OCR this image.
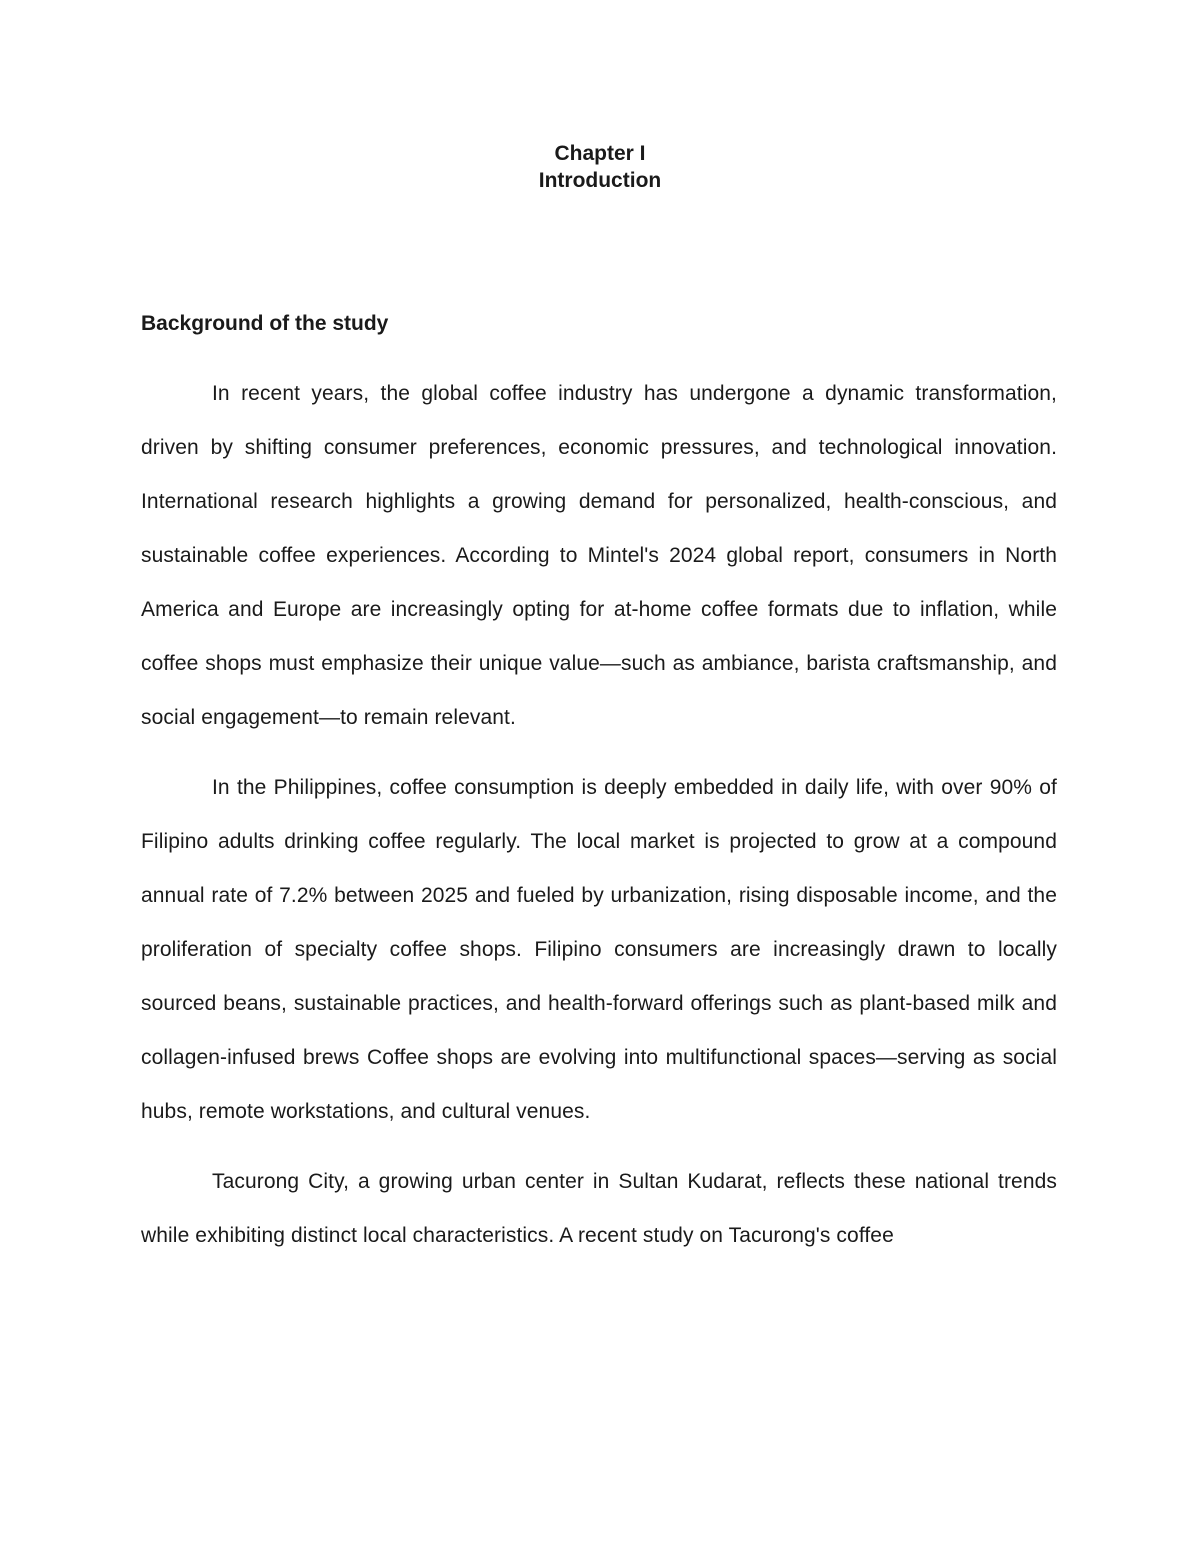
Chapter I
Introduction
Background of the study

In recent years, the global coffee industry has undergone a dynamic transformation, driven by shifting consumer preferences, economic pressures, and technological innovation. International research highlights a growing demand for personalized, health-conscious, and sustainable coffee experiences. According to Mintel's 2024 global report, consumers in North America and Europe are increasingly opting for at-home coffee formats due to inflation, while coffee shops must emphasize their unique value—such as ambiance, barista craftsmanship, and social engagement—to remain relevant.

In the Philippines, coffee consumption is deeply embedded in daily life, with over 90% of Filipino adults drinking coffee regularly. The local market is projected to grow at a compound annual rate of 7.2% between 2025 and fueled by urbanization, rising disposable income, and the proliferation of specialty coffee shops. Filipino consumers are increasingly drawn to locally sourced beans, sustainable practices, and health-forward offerings such as plant-based milk and collagen-infused brews Coffee shops are evolving into multifunctional spaces—serving as social hubs, remote workstations, and cultural venues.

Tacurong City, a growing urban center in Sultan Kudarat, reflects these national trends while exhibiting distinct local characteristics. A recent study on Tacurong's coffee
